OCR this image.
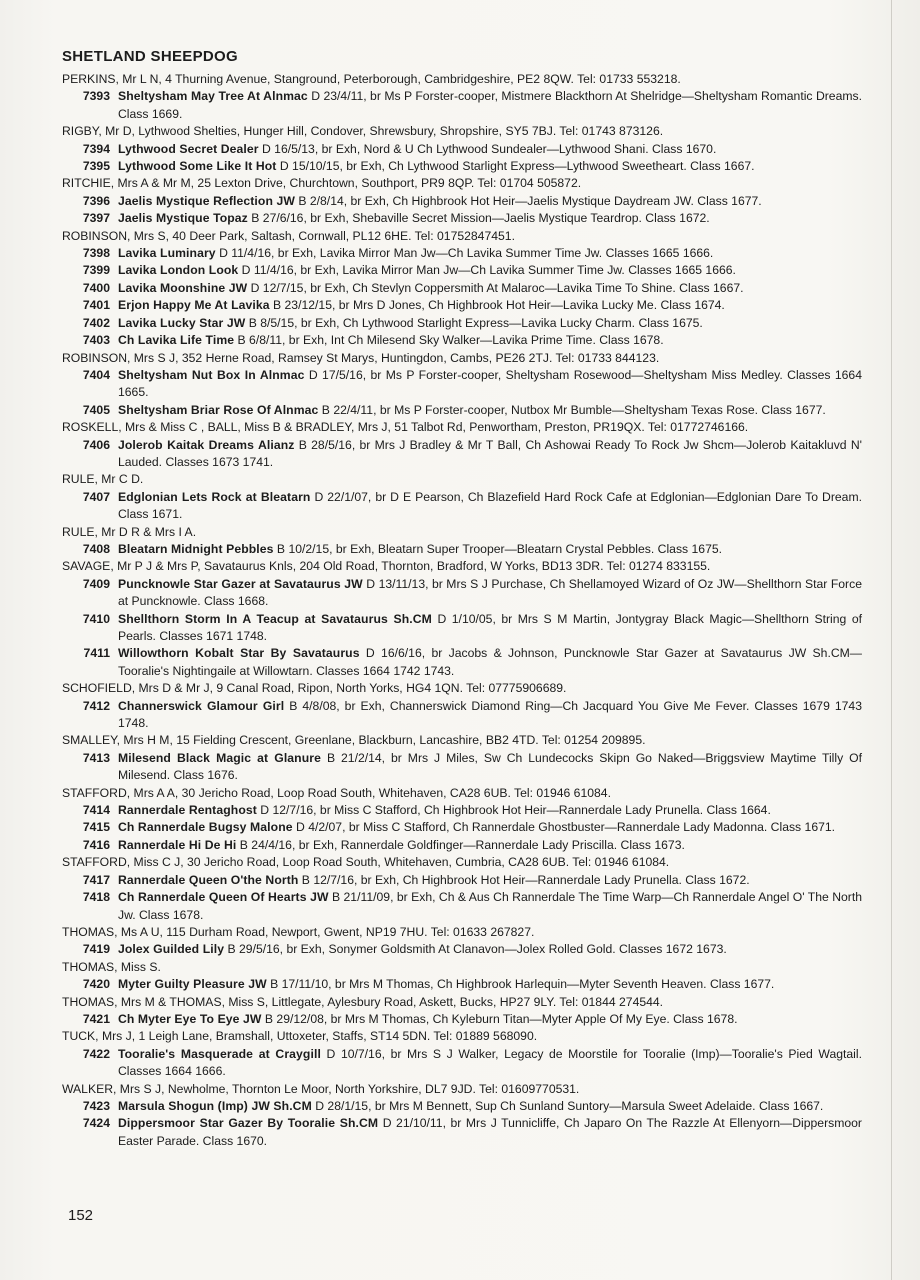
SHETLAND SHEEPDOG
PERKINS, Mr L N, 4 Thurning Avenue, Stanground, Peterborough, Cambridgeshire, PE2 8QW. Tel: 01733 553218.
7393 Sheltysham May Tree At Alnmac D 23/4/11, br Ms P Forster-cooper, Mistmere Blackthorn At Shelridge—Sheltysham Romantic Dreams. Class 1669.
RIGBY, Mr D, Lythwood Shelties, Hunger Hill, Condover, Shrewsbury, Shropshire, SY5 7BJ. Tel: 01743 873126.
7394 Lythwood Secret Dealer D 16/5/13, br Exh, Nord & U Ch Lythwood Sundealer—Lythwood Shani. Class 1670.
7395 Lythwood Some Like It Hot D 15/10/15, br Exh, Ch Lythwood Starlight Express—Lythwood Sweetheart. Class 1667.
RITCHIE, Mrs A & Mr M, 25 Lexton Drive, Churchtown, Southport, PR9 8QP. Tel: 01704 505872.
7396 Jaelis Mystique Reflection JW B 2/8/14, br Exh, Ch Highbrook Hot Heir—Jaelis Mystique Daydream JW. Class 1677.
7397 Jaelis Mystique Topaz B 27/6/16, br Exh, Shebaville Secret Mission—Jaelis Mystique Teardrop. Class 1672.
ROBINSON, Mrs S, 40 Deer Park, Saltash, Cornwall, PL12 6HE. Tel: 01752847451.
7398 Lavika Luminary D 11/4/16, br Exh, Lavika Mirror Man Jw—Ch Lavika Summer Time Jw. Classes 1665 1666.
7399 Lavika London Look D 11/4/16, br Exh, Lavika Mirror Man Jw—Ch Lavika Summer Time Jw. Classes 1665 1666.
7400 Lavika Moonshine JW D 12/7/15, br Exh, Ch Stevlyn Coppersmith At Malaroc—Lavika Time To Shine. Class 1667.
7401 Erjon Happy Me At Lavika B 23/12/15, br Mrs D Jones, Ch Highbrook Hot Heir—Lavika Lucky Me. Class 1674.
7402 Lavika Lucky Star JW B 8/5/15, br Exh, Ch Lythwood Starlight Express—Lavika Lucky Charm. Class 1675.
7403 Ch Lavika Life Time B 6/8/11, br Exh, Int Ch Milesend Sky Walker—Lavika Prime Time. Class 1678.
ROBINSON, Mrs S J, 352 Herne Road, Ramsey St Marys, Huntingdon, Cambs, PE26 2TJ. Tel: 01733 844123.
7404 Sheltysham Nut Box In Alnmac D 17/5/16, br Ms P Forster-cooper, Sheltysham Rosewood—Sheltysham Miss Medley. Classes 1664 1665.
7405 Sheltysham Briar Rose Of Alnmac B 22/4/11, br Ms P Forster-cooper, Nutbox Mr Bumble—Sheltysham Texas Rose. Class 1677.
ROSKELL, Mrs & Miss C , BALL, Miss B & BRADLEY, Mrs J, 51 Talbot Rd, Penwortham, Preston, PR19QX. Tel: 01772746166.
7406 Jolerob Kaitak Dreams Alianz B 28/5/16, br Mrs J Bradley & Mr T Ball, Ch Ashowai Ready To Rock Jw Shcm—Jolerob Kaitakluvd N' Lauded. Classes 1673 1741.
RULE, Mr C D.
7407 Edglonian Lets Rock at Bleatarn D 22/1/07, br D E Pearson, Ch Blazefield Hard Rock Cafe at Edglonian—Edglonian Dare To Dream. Class 1671.
RULE, Mr D R & Mrs I A.
7408 Bleatarn Midnight Pebbles B 10/2/15, br Exh, Bleatarn Super Trooper—Bleatarn Crystal Pebbles. Class 1675.
SAVAGE, Mr P J & Mrs P, Savataurus Knls, 204 Old Road, Thornton, Bradford, W Yorks, BD13 3DR. Tel: 01274 833155.
7409 Puncknowle Star Gazer at Savataurus JW D 13/11/13, br Mrs S J Purchase, Ch Shellamoyed Wizard of Oz JW—Shellthorn Star Force at Puncknowle. Class 1668.
7410 Shellthorn Storm In A Teacup at Savataurus Sh.CM D 1/10/05, br Mrs S M Martin, Jontygray Black Magic—Shellthorn String of Pearls. Classes 1671 1748.
7411 Willowthorn Kobalt Star By Savataurus D 16/6/16, br Jacobs & Johnson, Puncknowle Star Gazer at Savataurus JW Sh.CM—Tooralie's Nightingaile at Willowtarn. Classes 1664 1742 1743.
SCHOFIELD, Mrs D & Mr J, 9 Canal Road, Ripon, North Yorks, HG4 1QN. Tel: 07775906689.
7412 Channerswick Glamour Girl B 4/8/08, br Exh, Channerswick Diamond Ring—Ch Jacquard You Give Me Fever. Classes 1679 1743 1748.
SMALLEY, Mrs H M, 15 Fielding Crescent, Greenlane, Blackburn, Lancashire, BB2 4TD. Tel: 01254 209895.
7413 Milesend Black Magic at Glanure B 21/2/14, br Mrs J Miles, Sw Ch Lundecocks Skipn Go Naked—Briggsview Maytime Tilly Of Milesend. Class 1676.
STAFFORD, Mrs A A, 30 Jericho Road, Loop Road South, Whitehaven, CA28 6UB. Tel: 01946 61084.
7414 Rannerdale Rentaghost D 12/7/16, br Miss C Stafford, Ch Highbrook Hot Heir—Rannerdale Lady Prunella. Class 1664.
7415 Ch Rannerdale Bugsy Malone D 4/2/07, br Miss C Stafford, Ch Rannerdale Ghostbuster—Rannerdale Lady Madonna. Class 1671.
7416 Rannerdale Hi De Hi B 24/4/16, br Exh, Rannerdale Goldfinger—Rannerdale Lady Priscilla. Class 1673.
STAFFORD, Miss C J, 30 Jericho Road, Loop Road South, Whitehaven, Cumbria, CA28 6UB. Tel: 01946 61084.
7417 Rannerdale Queen O'the North B 12/7/16, br Exh, Ch Highbrook Hot Heir—Rannerdale Lady Prunella. Class 1672.
7418 Ch Rannerdale Queen Of Hearts JW B 21/11/09, br Exh, Ch & Aus Ch Rannerdale The Time Warp—Ch Rannerdale Angel O' The North Jw. Class 1678.
THOMAS, Ms A U, 115 Durham Road, Newport, Gwent, NP19 7HU. Tel: 01633 267827.
7419 Jolex Guilded Lily B 29/5/16, br Exh, Sonymer Goldsmith At Clanavon—Jolex Rolled Gold. Classes 1672 1673.
THOMAS, Miss S.
7420 Myter Guilty Pleasure JW B 17/11/10, br Mrs M Thomas, Ch Highbrook Harlequin—Myter Seventh Heaven. Class 1677.
THOMAS, Mrs M & THOMAS, Miss S, Littlegate, Aylesbury Road, Askett, Bucks, HP27 9LY. Tel: 01844 274544.
7421 Ch Myter Eye To Eye JW B 29/12/08, br Mrs M Thomas, Ch Kyleburn Titan—Myter Apple Of My Eye. Class 1678.
TUCK, Mrs J, 1 Leigh Lane, Bramshall, Uttoxeter, Staffs, ST14 5DN. Tel: 01889 568090.
7422 Tooralie's Masquerade at Craygill D 10/7/16, br Mrs S J Walker, Legacy de Moorstile for Tooralie (Imp)—Tooralie's Pied Wagtail. Classes 1664 1666.
WALKER, Mrs S J, Newholme, Thornton Le Moor, North Yorkshire, DL7 9JD. Tel: 01609770531.
7423 Marsula Shogun (Imp) JW Sh.CM D 28/1/15, br Mrs M Bennett, Sup Ch Sunland Suntory—Marsula Sweet Adelaide. Class 1667.
7424 Dippersmoor Star Gazer By Tooralie Sh.CM D 21/10/11, br Mrs J Tunnicliffe, Ch Japaro On The Razzle At Ellenyorn—Dippersmoor Easter Parade. Class 1670.
152
